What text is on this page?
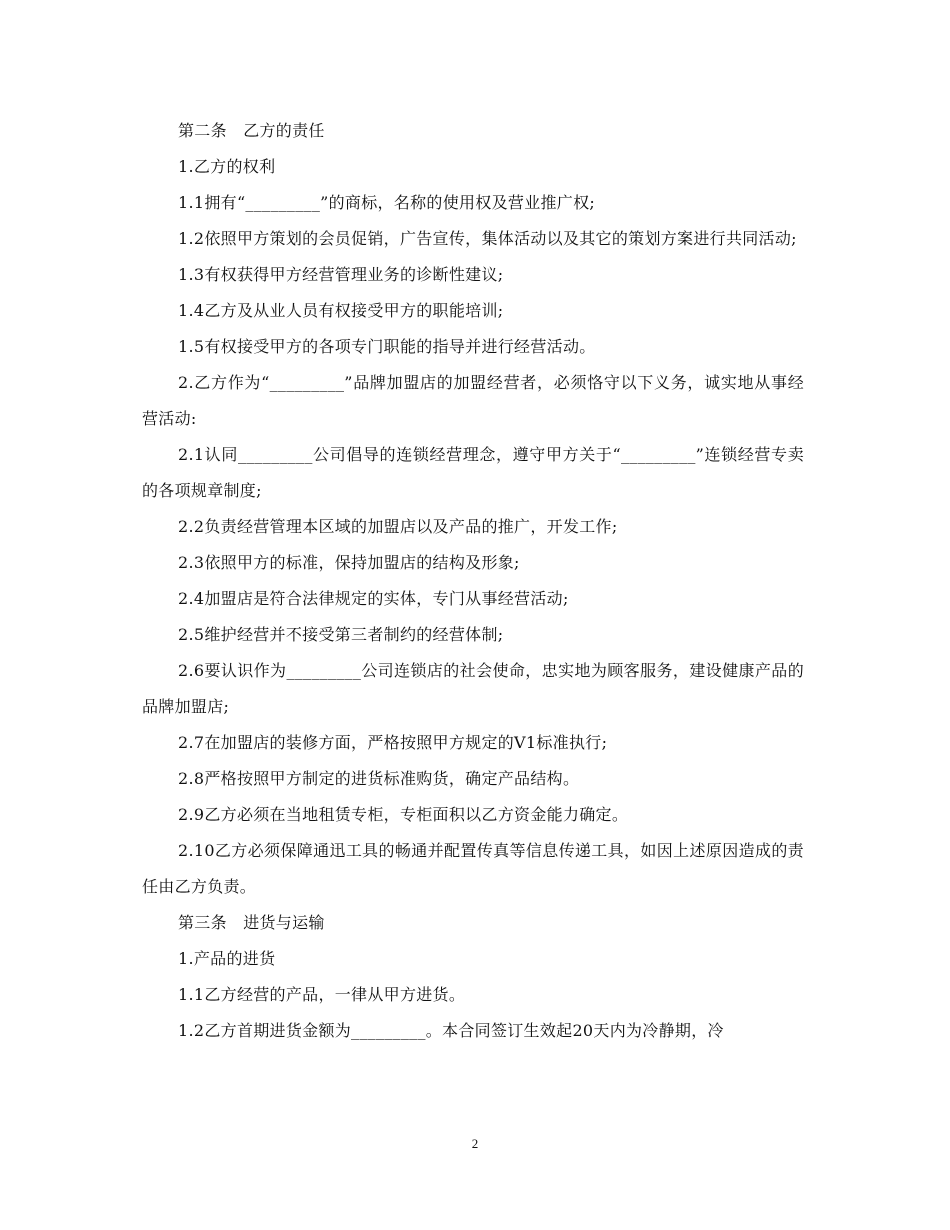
第二条　乙方的责任

1.乙方的权利

1.1拥有“_________”的商标，名称的使用权及营业推广权;

1.2依照甲方策划的会员促销，广告宣传，集体活动以及其它的策划方案进行共同活动;

1.3有权获得甲方经营管理业务的诊断性建议;

1.4乙方及从业人员有权接受甲方的职能培训;

1.5有权接受甲方的各项专门职能的指导并进行经营活动。

2.乙方作为“_________”品牌加盟店的加盟经营者，必须恪守以下义务，诚实地从事经营活动:

2.1认同_________公司倡导的连锁经营理念，遵守甲方关于“_________”连锁经营专卖的各项规章制度;

2.2负责经营管理本区域的加盟店以及产品的推广，开发工作;

2.3依照甲方的标准，保持加盟店的结构及形象;

2.4加盟店是符合法律规定的实体，专门从事经营活动;

2.5维护经营并不接受第三者制约的经营体制;

2.6要认识作为_________公司连锁店的社会使命，忠实地为顾客服务，建设健康产品的品牌加盟店;

2.7在加盟店的装修方面，严格按照甲方规定的V1标准执行;

2.8严格按照甲方制定的进货标准购货，确定产品结构。

2.9乙方必须在当地租赁专柜，专柜面积以乙方资金能力确定。

2.10乙方必须保障通迅工具的畅通并配置传真等信息传递工具，如因上述原因造成的责任由乙方负责。

第三条　进货与运输

1.产品的进货

1.1乙方经营的产品，一律从甲方进货。

1.2乙方首期进货金额为_________。本合同签订生效起20天内为冷静期，冷

2
